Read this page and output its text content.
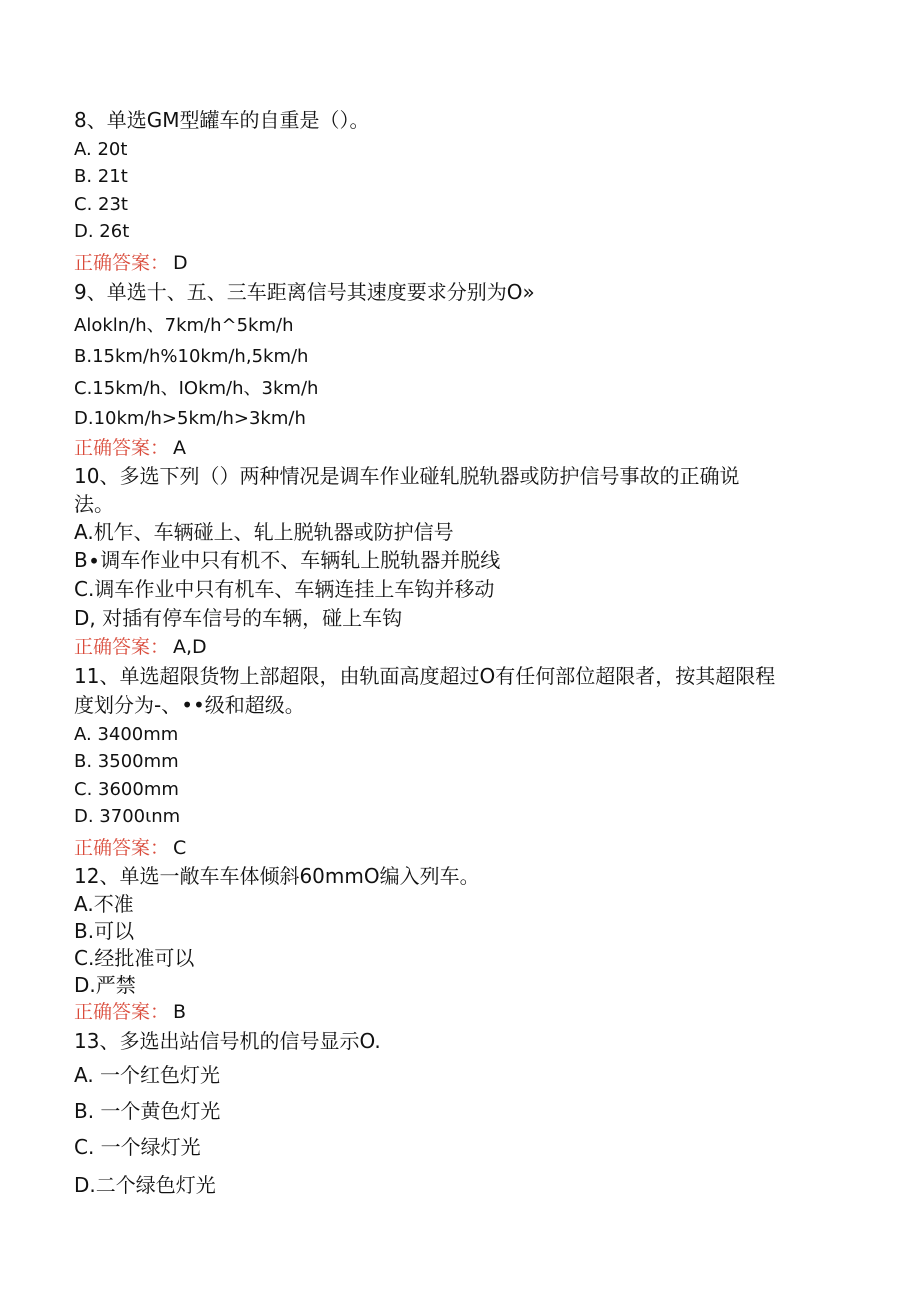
8、单选GM型罐车的自重是（）。
A. 20t
B. 21t
C. 23t
D. 26t
正确答案： D
9、单选十、五、三车距离信号其速度要求分别为O»
Alokln/h、7km/h^5km∕h
B.15km∕h%10km∕h,5km/h
C.15km/h、IOkm/h、3km∕h
D.10km∕h>5km∕h>3km∕h
正确答案： A
10、多选下列（）两种情况是调车作业碰轧脱轨器或防护信号事故的正确说
法。
A.机乍、车辆碰上、轧上脱轨器或防护信号
B∙调车作业中只有机不、车辆轧上脱轨器并脱线
C.调车作业中只有机车、车辆连挂上车钩并移动
D, 对插有停车信号的车辆，碰上车钩
正确答案： A,D
11、单选超限货物上部超限，由轨面高度超过O有任何部位超限者，按其超限程
度划分为-、••级和超级。
A. 3400mm
B. 3500mm
C. 3600mm
D. 3700ιnm
正确答案： C
12、单选一敞车车体倾斜60mmO编入列车。
A.不准
B.可以
C.经批准可以
D.严禁
正确答案： B
13、多选出站信号机的信号显示O.
A. 一个红色灯光
B. 一个黄色灯光
C. 一个绿灯光
D.二个绿色灯光
